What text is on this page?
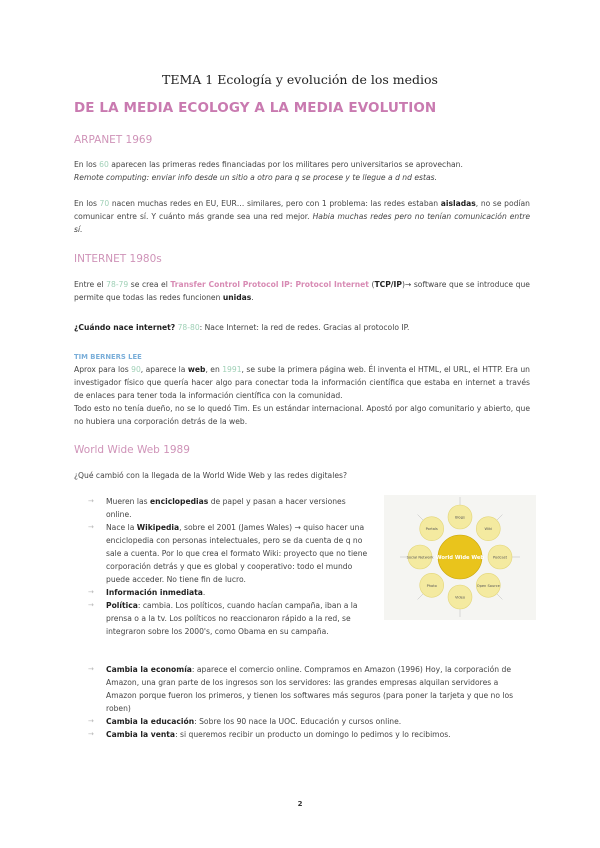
TEMA 1 Ecología y evolución de los medios
DE LA MEDIA ECOLOGY A LA MEDIA EVOLUTION
ARPANET 1969
En los 60 aparecen las primeras redes financiadas por los militares pero universitarios se aprovechan.
Remote computing: enviar info desde un sitio a otro para q se procese y te llegue a d nd estas.
En los 70 nacen muchas redes en EU, EUR… similares, pero con 1 problema: las redes estaban aisladas, no se podían comunicar entre sí. Y cuánto más grande sea una red mejor. Habia muchas redes pero no tenían comunicación entre sí.
INTERNET 1980s
Entre el 78-79 se crea el Transfer Control Protocol IP: Protocol Internet (TCP/IP)→ software que se introduce que permite que todas las redes funcionen unidas.
¿Cuándo nace internet? 78-80: Nace Internet: la red de redes. Gracias al protocolo IP.
TIM BERNERS LEE
Aprox para los 90, aparece la web, en 1991, se sube la primera página web. Él inventa el HTML, el URL, el HTTP. Era un investigador físico que quería hacer algo para conectar toda la información científica que estaba en internet a través de enlaces para tener toda la información científica con la comunidad.
Todo esto no tenía dueño, no se lo quedó Tim. Es un estándar internacional. Apostó por algo comunitario y abierto, que no hubiera una corporación detrás de la web.
World Wide Web 1989
¿Qué cambió con la llegada de la World Wide Web y las redes digitales?
Blogs
Wiki
Podcast
Open Source
Video
Photo
Social Network
Portals
World Wide Web
→ Mueren las enciclopedias de papel y pasan a hacer versiones online.
→ Nace la Wikipedia, sobre el 2001 (James Wales) → quiso hacer una enciclopedia con personas intelectuales, pero se da cuenta de q no sale a cuenta. Por lo que crea el formato Wiki: proyecto que no tiene corporación detrás y que es global y cooperativo: todo el mundo puede acceder. No tiene fin de lucro.
→ Información inmediata.
→ Política: cambia. Los políticos, cuando hacían campaña, iban a la prensa o a la tv. Los políticos no reaccionaron rápido a la red, se integraron sobre los 2000's, como Obama en su campaña.
→ Cambia la economía: aparece el comercio online. Compramos en Amazon (1996) Hoy, la corporación de Amazon, una gran parte de los ingresos son los servidores: las grandes empresas alquilan servidores a Amazon porque fueron los primeros, y tienen los softwares más seguros (para poner la tarjeta y que no los roben)
→ Cambia la educación: Sobre los 90 nace la UOC. Educación y cursos online.
→ Cambia la venta: si queremos recibir un producto un domingo lo pedimos y lo recibimos.
2
